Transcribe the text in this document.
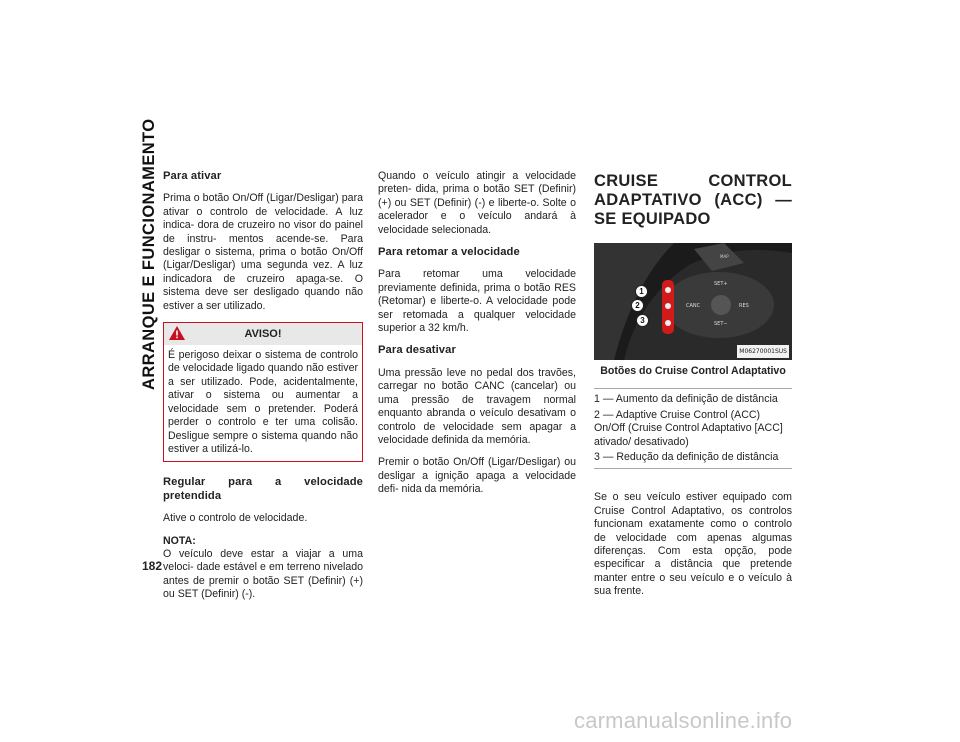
ARRANQUE E FUNCIONAMENTO
182
Para ativar

Prima o botão On/Off (Ligar/Desligar) para ativar o controlo de velocidade. A luz indica- dora de cruzeiro no visor do painel de instru- mentos acende-se. Para desligar o sistema, prima o botão On/Off (Ligar/Desligar) uma segunda vez. A luz indicadora de cruzeiro apaga-se. O sistema deve ser desligado quando não estiver a ser utilizado.

AVISO!
É perigoso deixar o sistema de controlo de velocidade ligado quando não estiver a ser utilizado. Pode, acidentalmente, ativar o sistema ou aumentar a velocidade sem o pretender. Poderá perder o controlo e ter uma colisão. Desligue sempre o sistema quando não estiver a utilizá-lo.
Regular para a velocidade pretendida

Ative o controlo de velocidade.

NOTA:
O veículo deve estar a viajar a uma veloci- dade estável e em terreno nivelado antes de premir o botão SET (Definir) (+) ou SET (Definir) (-).

Quando o veículo atingir a velocidade preten- dida, prima o botão SET (Definir) (+) ou SET (Definir) (-) e liberte-o. Solte o acelerador e o veículo andará à velocidade selecionada.

Para retomar a velocidade

Para retomar uma velocidade previamente definida, prima o botão RES (Retomar) e liberte-o. A velocidade pode ser retomada a qualquer velocidade superior a 32 km/h.

Para desativar

Uma pressão leve no pedal dos travões, carregar no botão CANC (cancelar) ou uma pressão de travagem normal enquanto abranda o veículo desativam o controlo de velocidade sem apagar a velocidade definida da memória.

Premir o botão On/Off (Ligar/Desligar) ou desligar a ignição apaga a velocidade defi- nida da memória.

CRUISE CONTROL ADAPTATIVO (ACC) — SE EQUIPADO
CANC	RES
SET+
SET−
MAP
1
2
3
M06270001SUS
Botões do Cruise Control Adaptativo
1 — Aumento da definição de distância
2 — Adaptive Cruise Control (ACC) On/Off (Cruise Control Adaptativo [ACC] ativado/ desativado)
3 — Redução da definição de distância

Se o seu veículo estiver equipado com Cruise Control Adaptativo, os controlos funcionam exatamente como o controlo de velocidade com apenas algumas diferenças. Com esta opção, pode especificar a distância que pretende manter entre o seu veículo e o veículo à sua frente.

carmanualsonline.info
